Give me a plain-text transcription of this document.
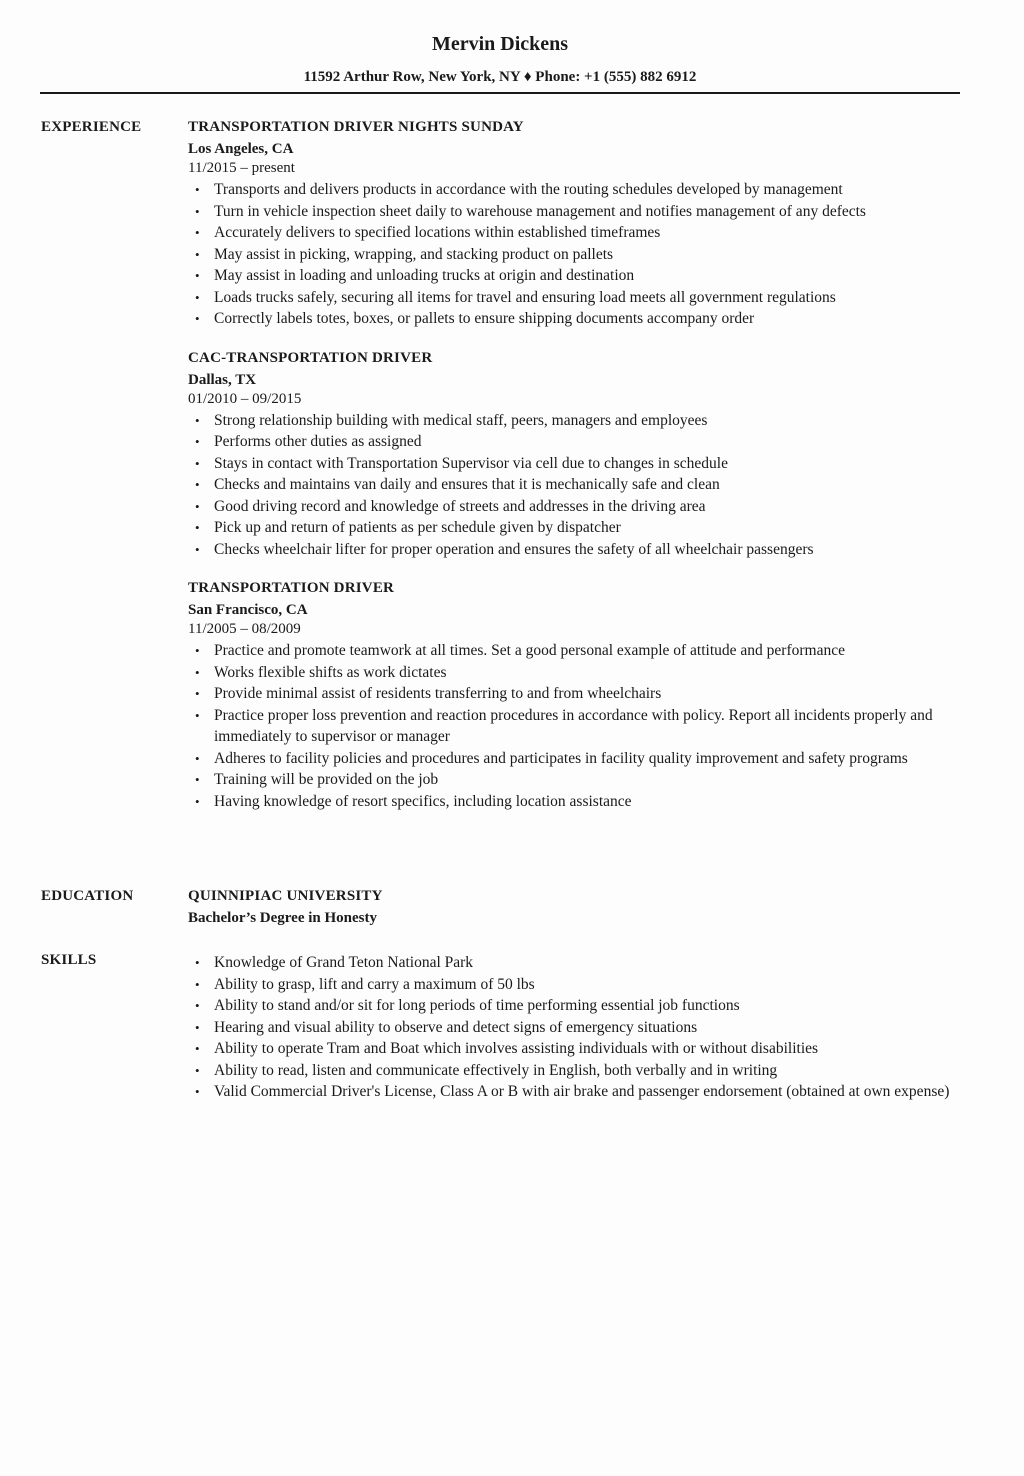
Mervin Dickens
11592 Arthur Row, New York, NY ♦ Phone: +1 (555) 882 6912
EXPERIENCE	TRANSPORTATION DRIVER NIGHTS SUNDAY
Los Angeles, CA
11/2015 – present
• Transports and delivers products in accordance with the routing schedules developed by management
• Turn in vehicle inspection sheet daily to warehouse management and notifies management of any defects
• Accurately delivers to specified locations within established timeframes
• May assist in picking, wrapping, and stacking product on pallets
• May assist in loading and unloading trucks at origin and destination
• Loads trucks safely, securing all items for travel and ensuring load meets all government regulations
• Correctly labels totes, boxes, or pallets to ensure shipping documents accompany order
CAC-TRANSPORTATION DRIVER
Dallas, TX
01/2010 – 09/2015
• Strong relationship building with medical staff, peers, managers and employees
• Performs other duties as assigned
• Stays in contact with Transportation Supervisor via cell due to changes in schedule
• Checks and maintains van daily and ensures that it is mechanically safe and clean
• Good driving record and knowledge of streets and addresses in the driving area
• Pick up and return of patients as per schedule given by dispatcher
• Checks wheelchair lifter for proper operation and ensures the safety of all wheelchair passengers
TRANSPORTATION DRIVER
San Francisco, CA
11/2005 – 08/2009
• Practice and promote teamwork at all times. Set a good personal example of attitude and performance
• Works flexible shifts as work dictates
• Provide minimal assist of residents transferring to and from wheelchairs
• Practice proper loss prevention and reaction procedures in accordance with policy. Report all incidents properly and immediately to supervisor or manager
• Adheres to facility policies and procedures and participates in facility quality improvement and safety programs
• Training will be provided on the job
• Having knowledge of resort specifics, including location assistance
EDUCATION	QUINNIPIAC UNIVERSITY
Bachelor’s Degree in Honesty
SKILLS	• Knowledge of Grand Teton National Park
• Ability to grasp, lift and carry a maximum of 50 lbs
• Ability to stand and/or sit for long periods of time performing essential job functions
• Hearing and visual ability to observe and detect signs of emergency situations
• Ability to operate Tram and Boat which involves assisting individuals with or without disabilities
• Ability to read, listen and communicate effectively in English, both verbally and in writing
• Valid Commercial Driver's License, Class A or B with air brake and passenger endorsement (obtained at own expense)
